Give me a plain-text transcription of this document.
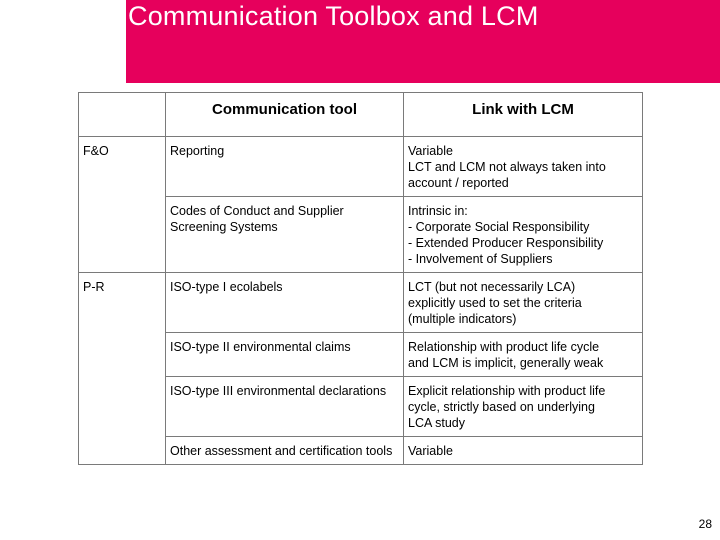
Communication Toolbox and LCM
	Communication tool	Link with LCM
F&O	Reporting	Variable
LCT and LCM not always taken into
account / reported

	Codes of Conduct and Supplier Screening Systems	Intrinsic in:
- Corporate Social Responsibility
- Extended Producer Responsibility
- Involvement of Suppliers

P-R	ISO-type I ecolabels	LCT (but not necessarily LCA)
explicitly used to set the criteria
(multiple indicators)

	ISO-type II environmental claims	Relationship with product life cycle
and LCM is implicit, generally weak

	ISO-type III environmental declarations	Explicit relationship with product life
cycle, strictly based on underlying
LCA study

	Other assessment and certification tools	Variable
28
